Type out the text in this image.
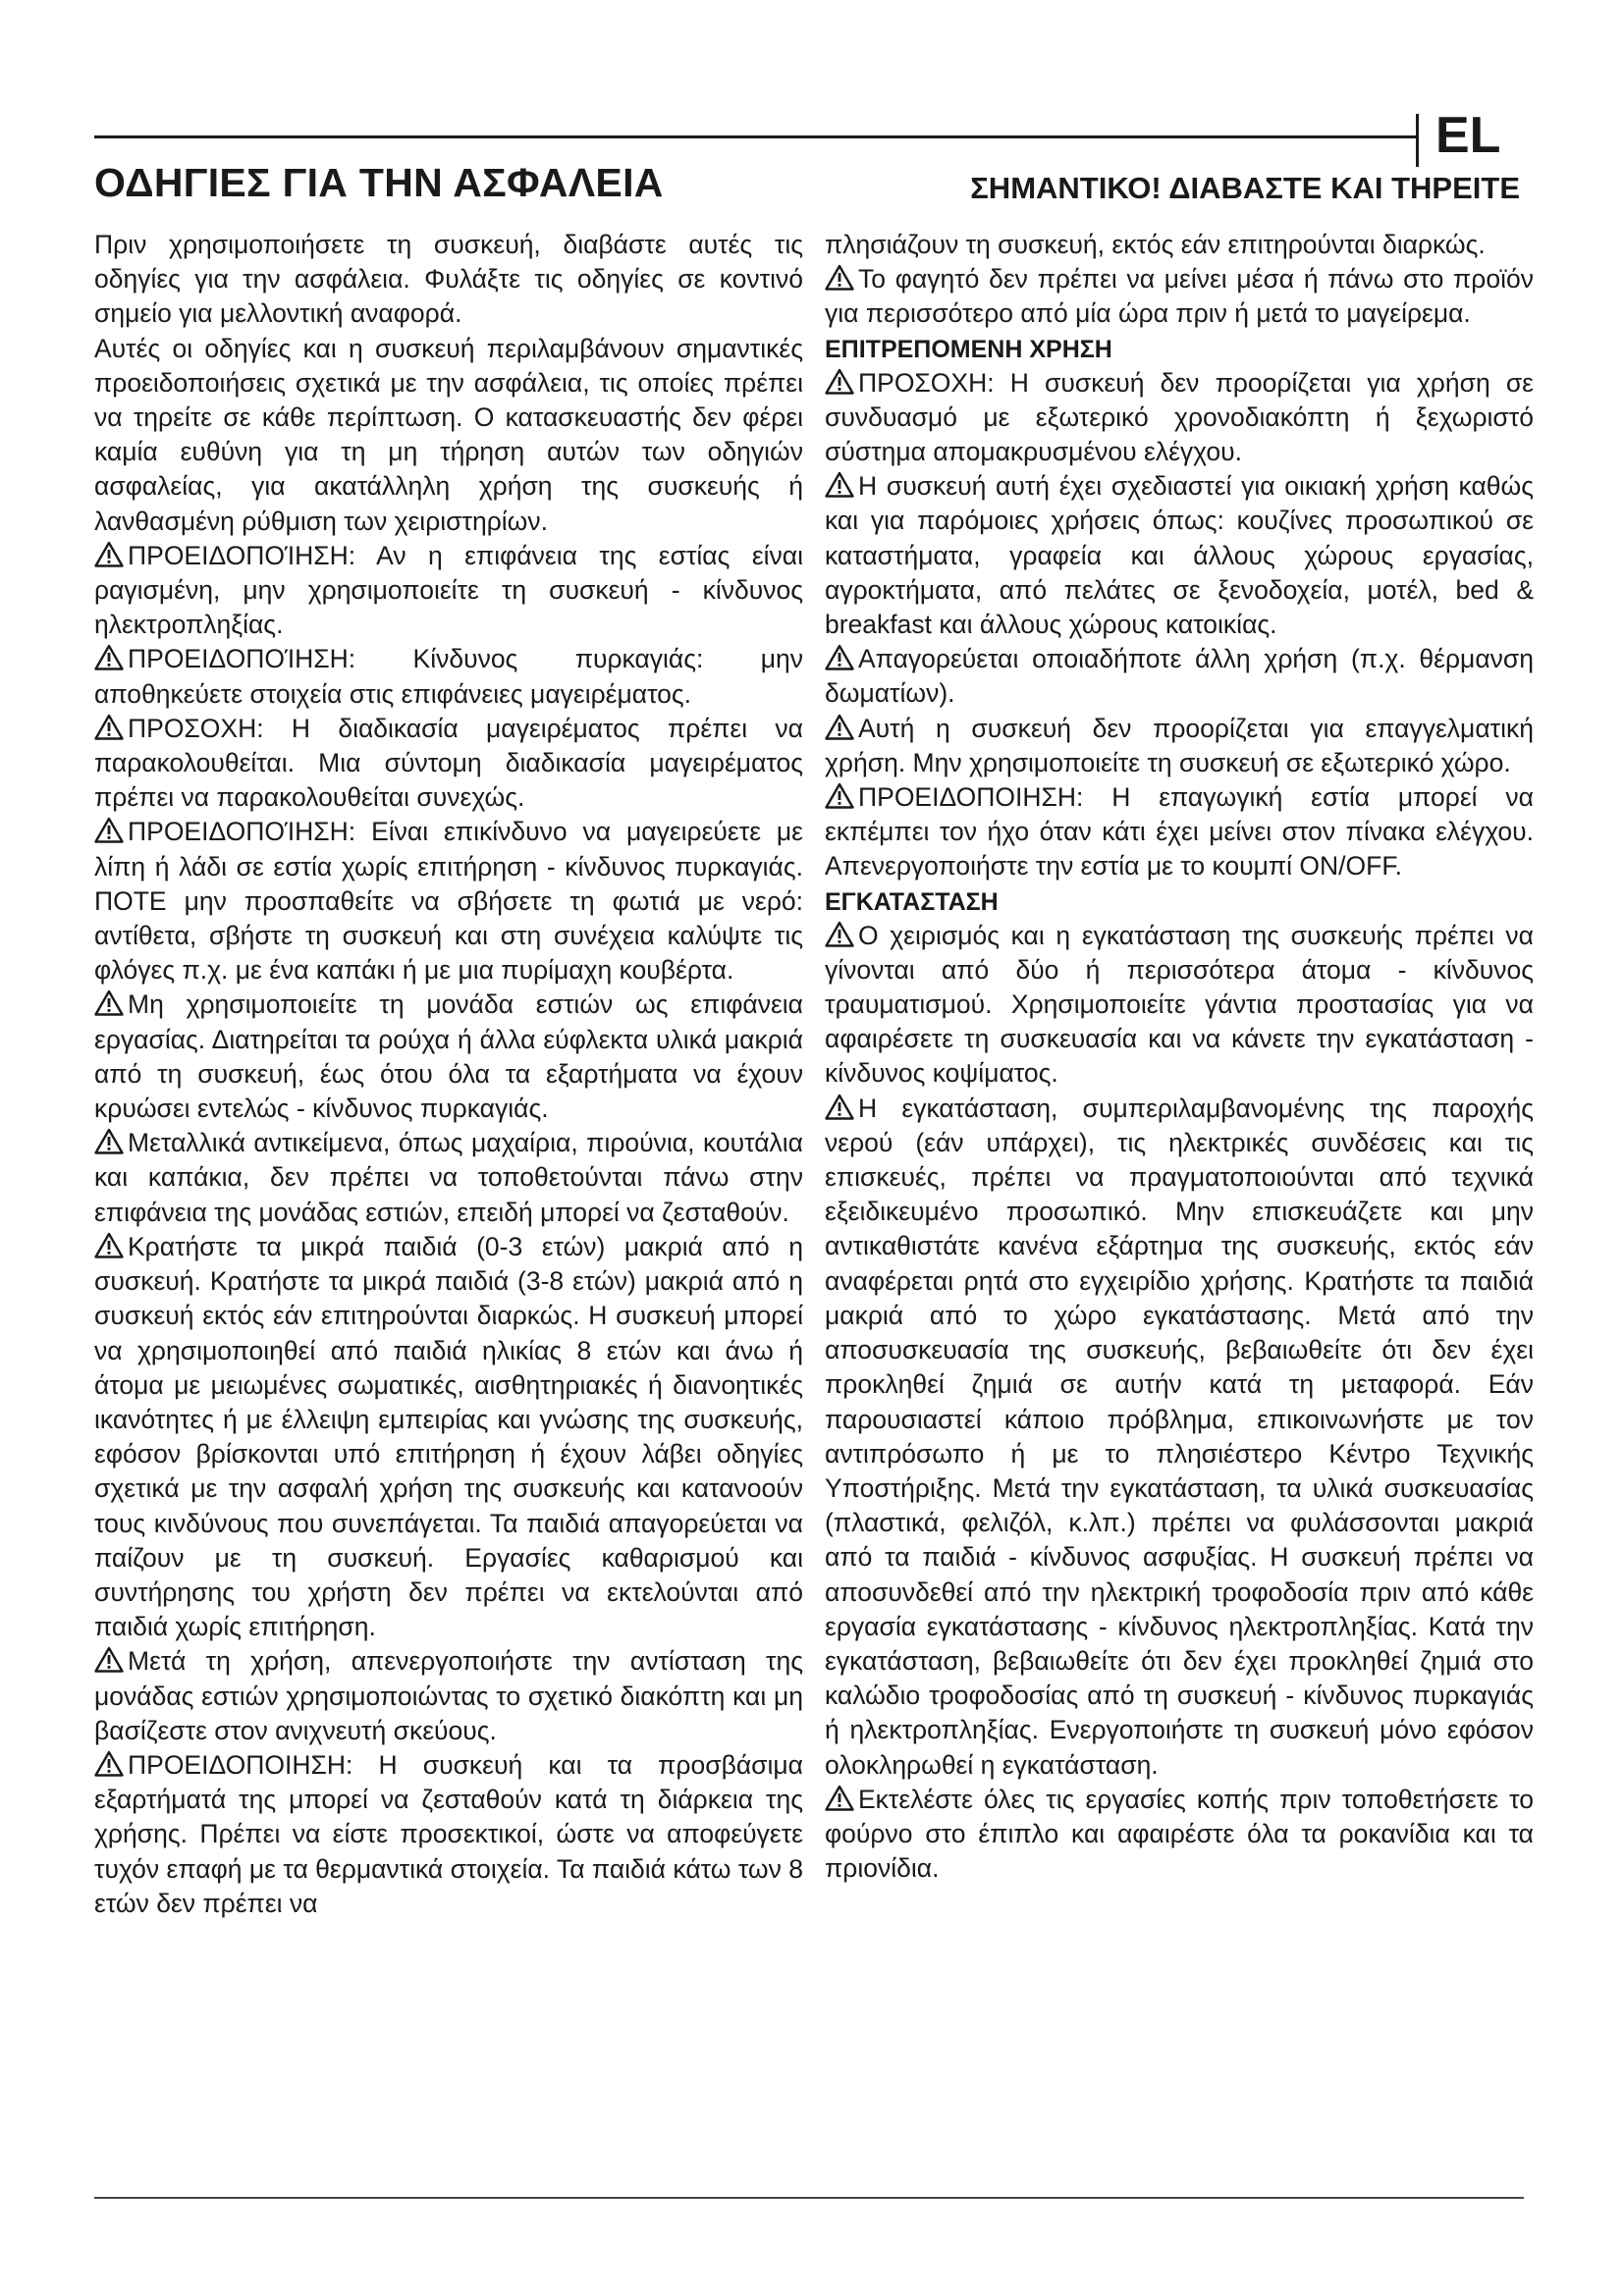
EL
ΟΔΗΓΙΕΣ ΓΙΑ ΤΗΝ ΑΣΦΑΛΕΙΑ	ΣΗΜΑΝΤΙΚΟ! ΔΙΑΒΑΣΤΕ ΚΑΙ ΤΗΡΕΙΤΕ

Πριν χρησιμοποιήσετε τη συσκευή, διαβάστε αυτές τις οδηγίες για την ασφάλεια. Φυλάξτε τις οδηγίες σε κοντινό σημείο για μελλοντική αναφορά.

Αυτές οι οδηγίες και η συσκευή περιλαμβάνουν σημαντικές προειδοποιήσεις σχετικά με την ασφάλεια, τις οποίες πρέπει να τηρείτε σε κάθε περίπτωση. Ο κατασκευαστής δεν φέρει καμία ευθύνη για τη μη τήρηση αυτών των οδηγιών ασφαλείας, για ακατάλληλη χρήση της συσκευής ή λανθασμένη ρύθμιση των χειριστηρίων.

ΠΡΟΕΙΔΟΠΟΊΗΣΗ: Αν η επιφάνεια της εστίας είναι ραγισμένη, μην χρησιμοποιείτε τη συσκευή - κίνδυνος ηλεκτροπληξίας.

ΠΡΟΕΙΔΟΠΟΊΗΣΗ: Κίνδυνος πυρκαγιάς: μην αποθηκεύετε στοιχεία στις επιφάνειες μαγειρέματος.

ΠΡΟΣΟΧΗ: Η διαδικασία μαγειρέματος πρέπει να παρακολουθείται. Μια σύντομη διαδικασία μαγειρέματος πρέπει να παρακολουθείται συνεχώς.

ΠΡΟΕΙΔΟΠΟΊΗΣΗ: Είναι επικίνδυνο να μαγειρεύετε με λίπη ή λάδι σε εστία χωρίς επιτήρηση - κίνδυνος πυρκαγιάς. ΠΟΤΕ μην προσπαθείτε να σβήσετε τη φωτιά με νερό: αντίθετα, σβήστε τη συσκευή και στη συνέχεια καλύψτε τις φλόγες π.χ. με ένα καπάκι ή με μια πυρίμαχη κουβέρτα.

Μη χρησιμοποιείτε τη μονάδα εστιών ως επιφάνεια εργασίας. Διατηρείται τα ρούχα ή άλλα εύφλεκτα υλικά μακριά από τη συσκευή, έως ότου όλα τα εξαρτήματα να έχουν κρυώσει εντελώς - κίνδυνος πυρκαγιάς.

Μεταλλικά αντικείμενα, όπως μαχαίρια, πιρούνια, κουτάλια και καπάκια, δεν πρέπει να τοποθετούνται πάνω στην επιφάνεια της μονάδας εστιών, επειδή μπορεί να ζεσταθούν.

Κρατήστε τα μικρά παιδιά (0-3 ετών) μακριά από η συσκευή. Κρατήστε τα μικρά παιδιά (3-8 ετών) μακριά από η συσκευή εκτός εάν επιτηρούνται διαρκώς. Η συσκευή μπορεί να χρησιμοποιηθεί από παιδιά ηλικίας 8 ετών και άνω ή άτομα με μειωμένες σωματικές, αισθητηριακές ή διανοητικές ικανότητες ή με έλλειψη εμπειρίας και γνώσης της συσκευής, εφόσον βρίσκονται υπό επιτήρηση ή έχουν λάβει οδηγίες σχετικά με την ασφαλή χρήση της συσκευής και κατανοούν τους κινδύνους που συνεπάγεται. Τα παιδιά απαγορεύεται να παίζουν με τη συσκευή. Εργασίες καθαρισμού και συντήρησης του χρήστη δεν πρέπει να εκτελούνται από παιδιά χωρίς επιτήρηση.

Μετά τη χρήση, απενεργοποιήστε την αντίσταση της μονάδας εστιών χρησιμοποιώντας το σχετικό διακόπτη και μη βασίζεστε στον ανιχνευτή σκεύους.

ΠΡΟΕΙΔΟΠΟΙΗΣΗ: Η συσκευή και τα προσβάσιμα εξαρτήματά της μπορεί να ζεσταθούν κατά τη διάρκεια της χρήσης. Πρέπει να είστε προσεκτικοί, ώστε να αποφεύγετε τυχόν επαφή με τα θερμαντικά στοιχεία. Τα παιδιά κάτω των 8 ετών δεν πρέπει να

πλησιάζουν τη συσκευή, εκτός εάν επιτηρούνται διαρκώς.

Το φαγητό δεν πρέπει να μείνει μέσα ή πάνω στο προϊόν για περισσότερο από μία ώρα πριν ή μετά το μαγείρεμα.

ΕΠΙΤΡΕΠΟΜΕΝΗ ΧΡΗΣΗ

ΠΡΟΣΟΧΗ: Η συσκευή δεν προορίζεται για χρήση σε συνδυασμό με εξωτερικό χρονοδιακόπτη ή ξεχωριστό σύστημα απομακρυσμένου ελέγχου.

Η συσκευή αυτή έχει σχεδιαστεί για οικιακή χρήση καθώς και για παρόμοιες χρήσεις όπως: κουζίνες προσωπικού σε καταστήματα, γραφεία και άλλους χώρους εργασίας, αγροκτήματα, από πελάτες σε ξενοδοχεία, μοτέλ, bed & breakfast και άλλους χώρους κατοικίας.

Απαγορεύεται οποιαδήποτε άλλη χρήση (π.χ. θέρμανση δωματίων).

Αυτή η συσκευή δεν προορίζεται για επαγγελματική χρήση. Μην χρησιμοποιείτε τη συσκευή σε εξωτερικό χώρο.

ΠΡΟΕΙΔΟΠΟΙΗΣΗ: Η επαγωγική εστία μπορεί να εκπέμπει τον ήχο όταν κάτι έχει μείνει στον πίνακα ελέγχου. Απενεργοποιήστε την εστία με το κουμπί ON/OFF.

ΕΓΚΑΤΑΣΤΑΣΗ

Ο χειρισμός και η εγκατάσταση της συσκευής πρέπει να γίνονται από δύο ή περισσότερα άτομα - κίνδυνος τραυματισμού. Χρησιμοποιείτε γάντια προστασίας για να αφαιρέσετε τη συσκευασία και να κάνετε την εγκατάσταση - κίνδυνος κοψίματος.

Η εγκατάσταση, συμπεριλαμβανομένης της παροχής νερού (εάν υπάρχει), τις ηλεκτρικές συνδέσεις και τις επισκευές, πρέπει να πραγματοποιούνται από τεχνικά εξειδικευμένο προσωπικό. Μην επισκευάζετε και μην αντικαθιστάτε κανένα εξάρτημα της συσκευής, εκτός εάν αναφέρεται ρητά στο εγχειρίδιο χρήσης. Κρατήστε τα παιδιά μακριά από το χώρο εγκατάστασης. Μετά από την αποσυσκευασία της συσκευής, βεβαιωθείτε ότι δεν έχει προκληθεί ζημιά σε αυτήν κατά τη μεταφορά. Εάν παρουσιαστεί κάποιο πρόβλημα, επικοινωνήστε με τον αντιπρόσωπο ή με το πλησιέστερο Κέντρο Τεχνικής Υποστήριξης. Μετά την εγκατάσταση, τα υλικά συσκευασίας (πλαστικά, φελιζόλ, κ.λπ.) πρέπει να φυλάσσονται μακριά από τα παιδιά - κίνδυνος ασφυξίας. Η συσκευή πρέπει να αποσυνδεθεί από την ηλεκτρική τροφοδοσία πριν από κάθε εργασία εγκατάστασης - κίνδυνος ηλεκτροπληξίας. Κατά την εγκατάσταση, βεβαιωθείτε ότι δεν έχει προκληθεί ζημιά στο καλώδιο τροφοδοσίας από τη συσκευή - κίνδυνος πυρκαγιάς ή ηλεκτροπληξίας. Ενεργοποιήστε τη συσκευή μόνο εφόσον ολοκληρωθεί η εγκατάσταση.

Εκτελέστε όλες τις εργασίες κοπής πριν τοποθετήσετε το φούρνο στο έπιπλο και αφαιρέστε όλα τα ροκανίδια και τα πριονίδια.
